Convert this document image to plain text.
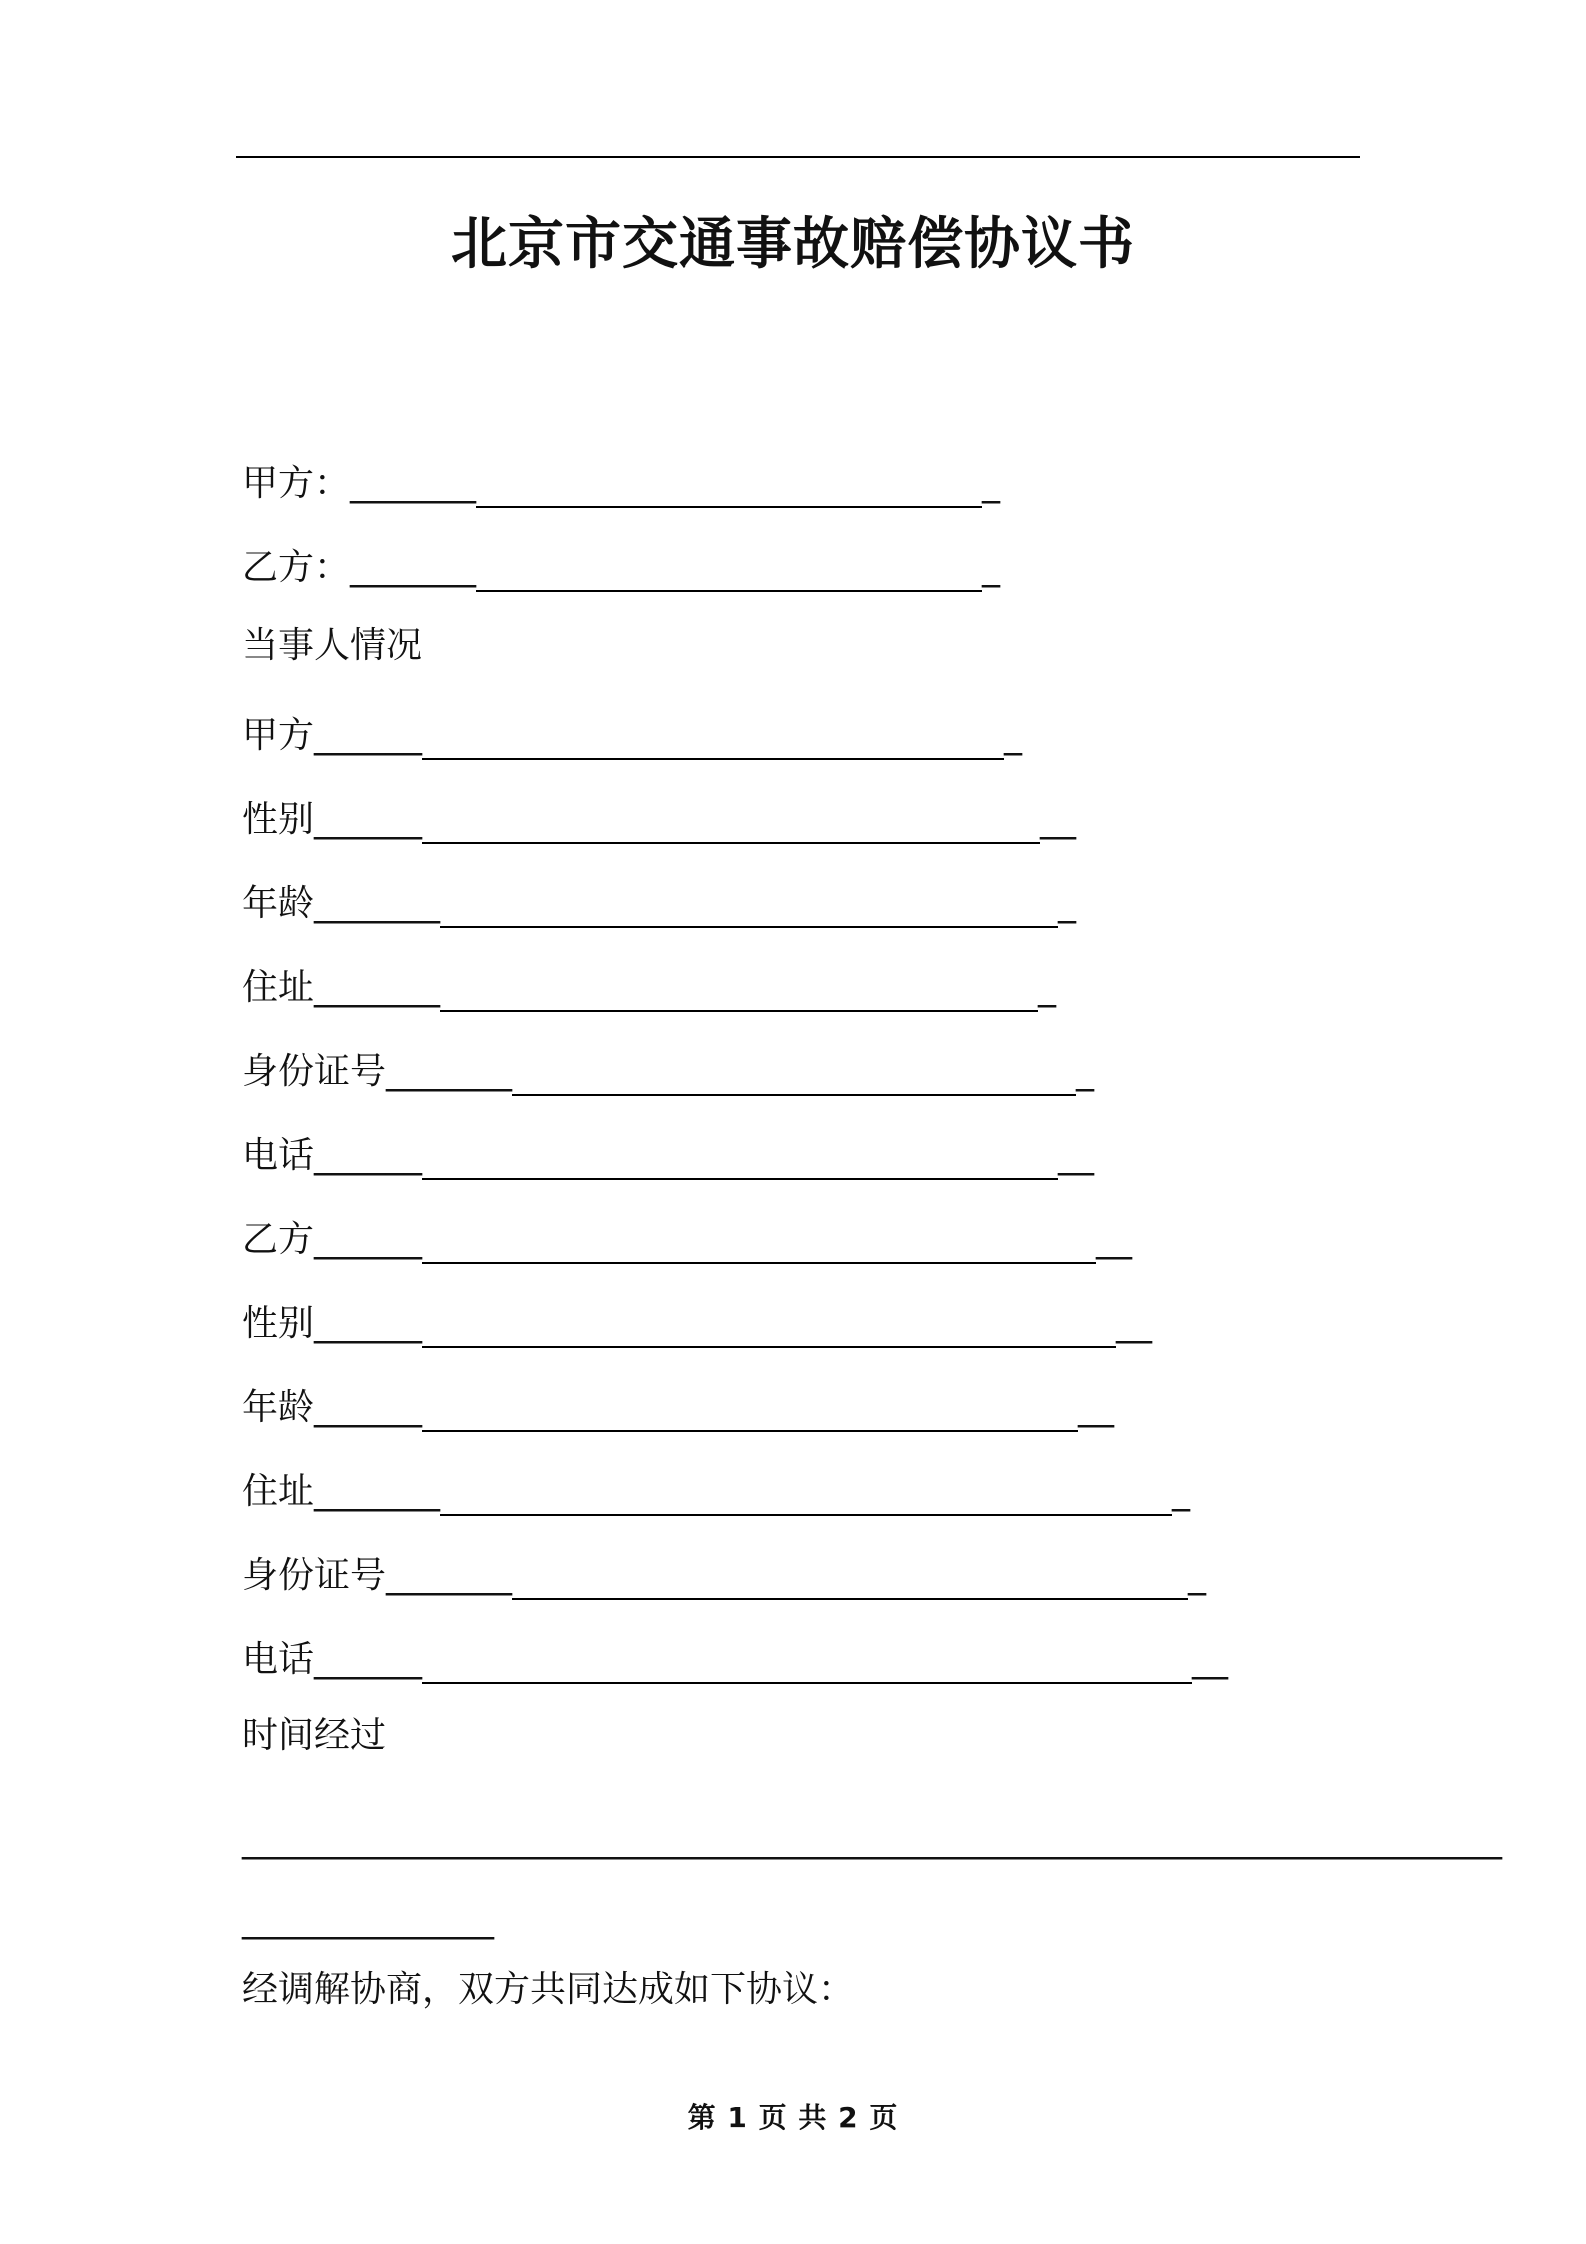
北京市交通事故赔偿协议书
甲方：_______	_
乙方：_______	_
当事人情况
甲方______	_
性别______	__
年龄_______	_
住址_______	_
身份证号_______	_
电话______	__
乙方______	__
性别______	__
年龄______	__
住址_______	_
身份证号_______	_
电话______	__
时间经过
______________________________________________________________________
______________
经调解协商，双方共同达成如下协议：
第 1 页 共 2 页
